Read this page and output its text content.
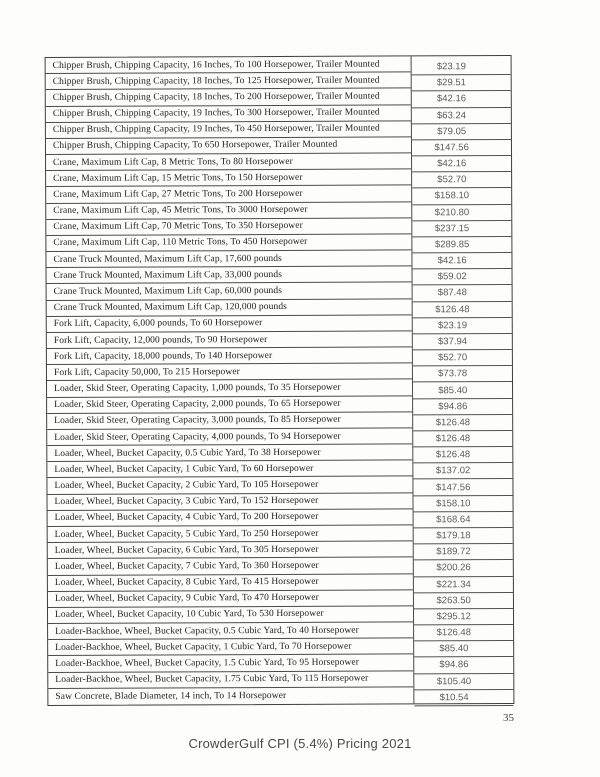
Chipper Brush, Chipping Capacity, 16 Inches, To 100 Horsepower, Trailer Mounted
Chipper Brush, Chipping Capacity, 18 Inches, To 125 Horsepower, Trailer Mounted
Chipper Brush, Chipping Capacity, 18 Inches, To 200 Horsepower, Trailer Mounted
Chipper Brush, Chipping Capacity, 19 Inches, To 300 Horsepower, Trailer Mounted
Chipper Brush, Chipping Capacity, 19 Inches, To 450 Horsepower, Trailer Mounted
Chipper Brush, Chipping Capacity, To 650 Horsepower, Trailer Mounted
Crane, Maximum Lift Cap, 8 Metric Tons, To 80 Horsepower
Crane, Maximum Lift Cap, 15 Metric Tons, To 150 Horsepower
Crane, Maximum Lift Cap, 27 Metric Tons, To 200 Horsepower
Crane, Maximum Lift Cap, 45 Metric Tons, To 3000 Horsepower
Crane, Maximum Lift Cap, 70 Metric Tons, To 350 Horsepower
Crane, Maximum Lift Cap, 110 Metric Tons, To 450 Horsepower
Crane Truck Mounted, Maximum Lift Cap, 17,600 pounds
Crane Truck Mounted, Maximum Lift Cap, 33,000 pounds
Crane Truck Mounted, Maximum Lift Cap, 60,000 pounds
Crane Truck Mounted, Maximum Lift Cap, 120,000 pounds
Fork Lift, Capacity, 6,000 pounds, To 60 Horsepower
Fork Lift, Capacity, 12,000 pounds, To 90 Horsepower
Fork Lift, Capacity, 18,000 pounds, To 140 Horsepower
Fork Lift, Capacity 50,000, To 215 Horsepower
Loader, Skid Steer, Operating Capacity, 1,000 pounds, To 35 Horsepower
Loader, Skid Steer, Operating Capacity, 2,000 pounds, To 65 Horsepower
Loader, Skid Steer, Operating Capacity, 3,000 pounds, To 85 Horsepower
Loader, Skid Steer, Operating Capacity, 4,000 pounds, To 94 Horsepower
Loader, Wheel, Bucket Capacity, 0.5 Cubic Yard, To 38 Horsepower
Loader, Wheel, Bucket Capacity, 1 Cubic Yard, To 60 Horsepower
Loader, Wheel, Bucket Capacity, 2 Cubic Yard, To 105 Horsepower
Loader, Wheel, Bucket Capacity, 3 Cubic Yard, To 152 Horsepower
Loader, Wheel, Bucket Capacity, 4 Cubic Yard, To 200 Horsepower
Loader, Wheel, Bucket Capacity, 5 Cubic Yard, To 250 Horsepower
Loader, Wheel, Bucket Capacity, 6 Cubic Yard, To 305 Horsepower
Loader, Wheel, Bucket Capacity, 7 Cubic Yard, To 360 Horsepower
Loader, Wheel, Bucket Capacity, 8 Cubic Yard, To 415 Horsepower
Loader, Wheel, Bucket Capacity, 9 Cubic Yard, To 470 Horsepower
Loader, Wheel, Bucket Capacity, 10 Cubic Yard, To 530 Horsepower
Loader-Backhoe, Wheel, Bucket Capacity, 0.5 Cubic Yard, To 40 Horsepower
Loader-Backhoe, Wheel, Bucket Capacity, 1 Cubic Yard, To 70 Horsepower
Loader-Backhoe, Wheel, Bucket Capacity, 1.5 Cubic Yard, To 95 Horsepower
Loader-Backhoe, Wheel, Bucket Capacity, 1.75 Cubic Yard, To 115 Horsepower
Saw Concrete, Blade Diameter, 14 inch, To 14 Horsepower
$23.19
$29.51
$42.16
$63.24
$79.05
$147.56
$42.16
$52.70
$158.10
$210.80
$237.15
$289.85
$42.16
$59.02
$87.48
$126.48
$23.19
$37.94
$52.70
$73.78
$85.40
$94.86
$126.48
$126.48
$126.48
$137.02
$147.56
$158.10
$168.64
$179.18
$189.72
$200.26
$221.34
$263.50
$295.12
$126.48
$85.40
$94.86
$105.40
$10.54
35
CrowderGulf CPI (5.4%) Pricing 2021
